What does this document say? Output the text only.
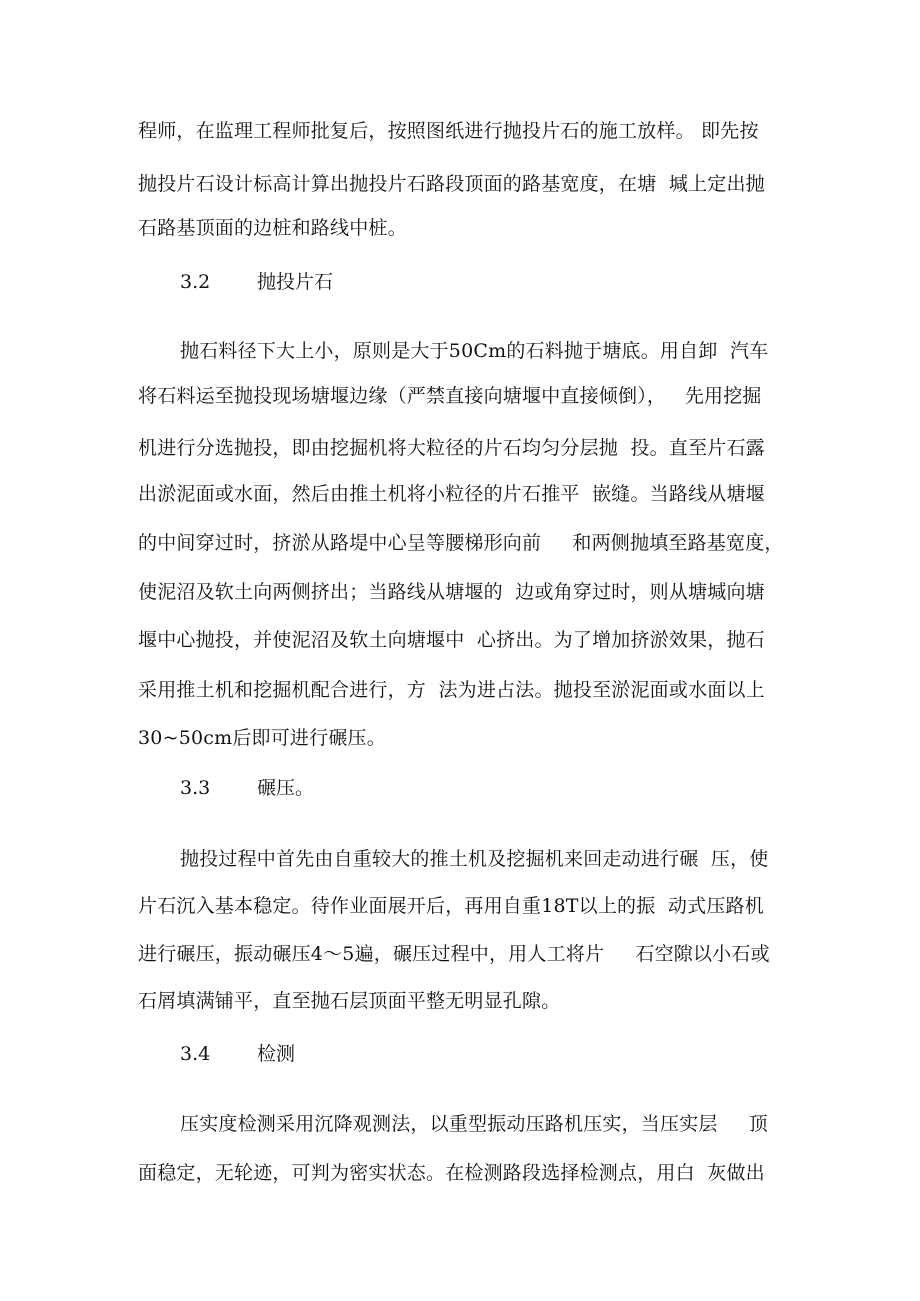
程师，在监理工程师批复后，按照图纸进行抛投片石的施工放样。 即先按
抛投片石设计标高计算出抛投片石路段顶面的路基宽度，在塘  堿上定出抛
石路基顶面的边桩和路线中桩。
3.2 抛投片石
抛石料径下大上小，原则是大于50Cm的石料抛于塘底。用自卸  汽车
将石料运至抛投现场塘堰边缘（严禁直接向塘堰中直接倾倒），   先用挖掘
机进行分选抛投，即由挖掘机将大粒径的片石均匀分层抛  投。直至片石露
出淤泥面或水面，然后由推土机将小粒径的片石推平  嵌缝。当路线从塘堰
的中间穿过时，挤淤从路堤中心呈等腰梯形向前     和两侧抛填至路基宽度，
使泥沼及软土向两侧挤出；当路线从塘堰的  边或角穿过时，则从塘堿向塘
堰中心抛投，并使泥沼及软土向塘堰中  心挤出。为了增加挤淤效果，抛石
采用推土机和挖掘机配合进行，方  法为进占法。抛投至淤泥面或水面以上
30~50cm后即可进行碾压。
3.3 碾压。
抛投过程中首先由自重较大的推土机及挖掘机来回走动进行碾  压，使
片石沉入基本稳定。待作业面展开后，再用自重18T以上的振  动式压路机
进行碾压，振动碾压4～5遍，碾压过程中，用人工将片     石空隙以小石或
石屑填满铺平，直至抛石层顶面平整无明显孔隙。
3.4 检测
压实度检测采用沉降观测法，以重型振动压路机压实，当压实层     顶
面稳定，无轮迹，可判为密实状态。在检测路段选择检测点，用白  灰做出
